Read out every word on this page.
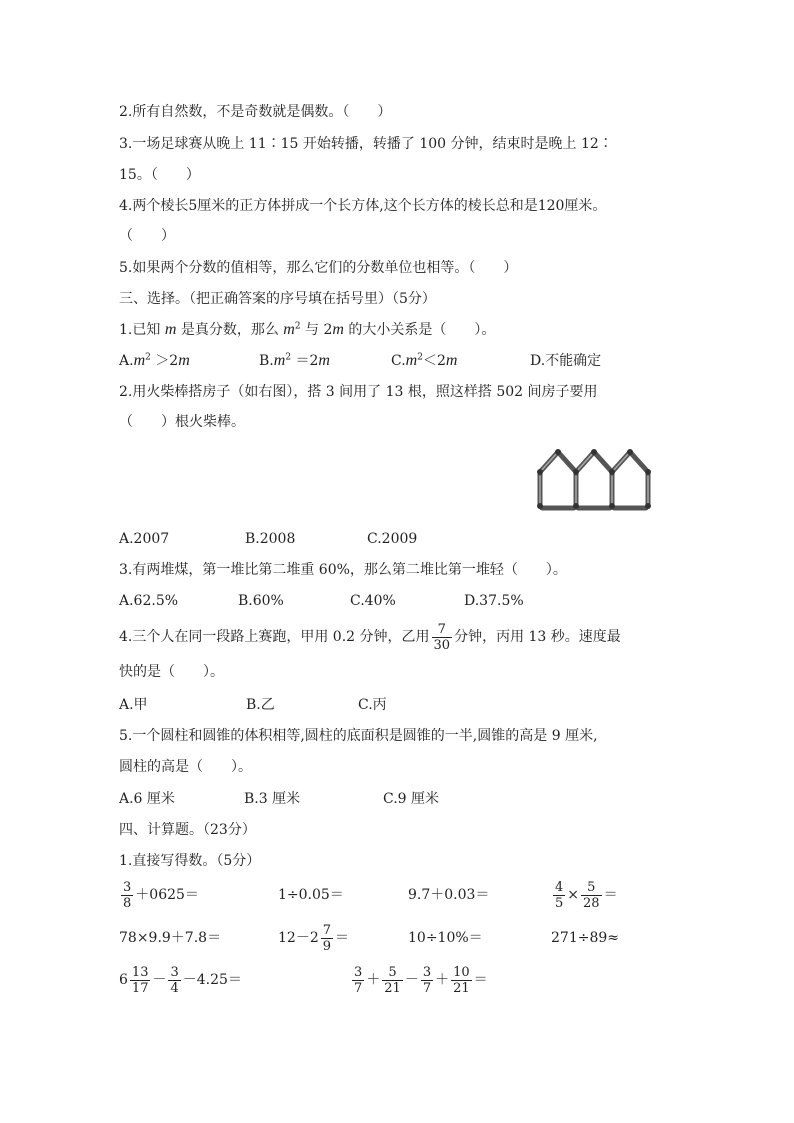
2.所有自然数，不是奇数就是偶数。（　　）
3.一场足球赛从晚上 11∶15 开始转播，转播了 100 分钟，结束时是晚上 12∶
15。（　　）
4.两个棱长5厘米的正方体拼成一个长方体,这个长方体的棱长总和是120厘米。
（　　）
5.如果两个分数的值相等，那么它们的分数单位也相等。（　　）
三、选择。（把正确答案的序号填在括号里）（5分）
1.已知 m 是真分数，那么 $m^2$ 与 2m 的大小关系是（　　）。
$A.m^2 >2m$	$B.m^2 =2m$	$C.m^2<2m$	D.不能确定
2.用火柴棒搭房子（如右图），搭 3 间用了 13 根，照这样搭 502 间房子要用
（　　）根火柴棒。
A.2007	B.2008	C.2009
3.有两堆煤，第一堆比第二堆重 60%，那么第二堆比第一堆轻（　　）。
A.62.5%	B.60%	C.40%	D.37.5%
4.三个人在同一段路上赛跑，甲用 0.2 分钟，乙用 $\frac{7}{30}$ 分钟，丙用 13 秒。速度最
快的是（　　）。
A.甲	B.乙	C.丙
5.一个圆柱和圆锥的体积相等,圆柱的底面积是圆锥的一半,圆锥的高是 9 厘米,
圆柱的高是（　　）。
A.6 厘米	B.3 厘米	C.9 厘米
四、计算题。（23分）
1.直接写得数。（5分）
$\frac{3}{8} +0625=$	1÷0.05＝	9.7＋0.03＝	$\frac{4}{5} \times \frac{5}{28}$ ＝
78×9.9＋7.8＝	$12-2 \frac{7}{9}$ ＝	10÷10%＝	271÷89≈
$6 \frac{13}{17} - \frac{3}{4} -4.25=$	$\frac{3}{7} + \frac{5}{21} - \frac{3}{7} + \frac{10}{21}$ ＝
